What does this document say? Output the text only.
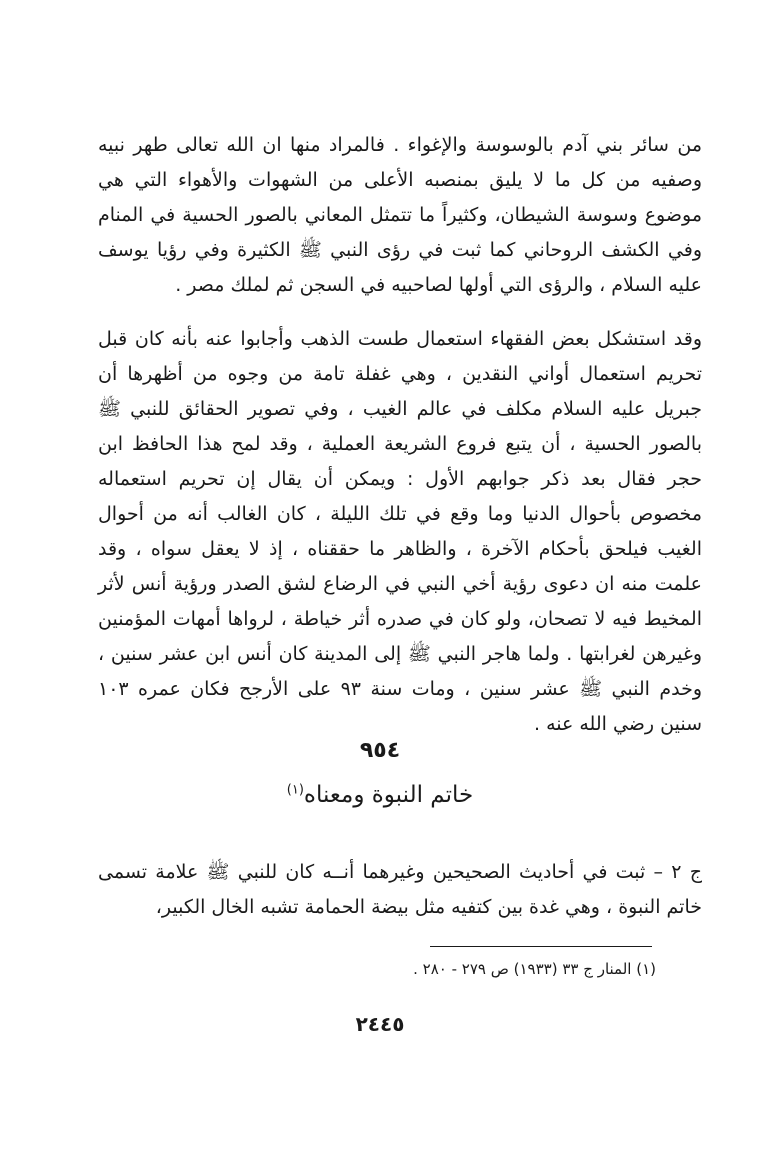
من سائر بني آدم بالوسوسة والإغواء . فالمراد منها ان الله تعالى طهر نبيه وصفيه من كل ما لا يليق بمنصبه الأعلى من الشهوات والأهواء التي هي موضوع وسوسة الشيطان، وكثيراً ما تتمثل المعاني بالصور الحسية في المنام وفي الكشف الروحاني كما ثبت في رؤى النبي ﷺ الكثيرة وفي رؤيا يوسف عليه السلام ، والرؤى التي أولها لصاحبيه في السجن ثم لملك مصر .

وقد استشكل بعض الفقهاء استعمال طست الذهب وأجابوا عنه بأنه كان قبل تحريم استعمال أواني النقدين ، وهي غفلة تامة من وجوه من أظهرها أن جبريل عليه السلام مكلف في عالم الغيب ، وفي تصوير الحقائق للنبي ﷺ بالصور الحسية ، أن يتبع فروع الشريعة العملية ، وقد لمح هذا الحافظ ابن حجر فقال بعد ذكر جوابهم الأول : ويمكن أن يقال إن تحريم استعماله مخصوص بأحوال الدنيا وما وقع في تلك الليلة ، كان الغالب أنه من أحوال الغيب فيلحق بأحكام الآخرة ، والظاهر ما حققناه ، إذ لا يعقل سواه ، وقد علمت منه ان دعوى رؤية أخي النبي في الرضاع لشق الصدر ورؤية أنس لأثر المخيط فيه لا تصحان، ولو كان في صدره أثر خياطة ، لرواها أمهات المؤمنين وغيرهن لغرابتها . ولما هاجر النبي ﷺ إلى المدينة كان أنس ابن عشر سنين ، وخدم النبي ﷺ عشر سنين ، ومات سنة ٩٣ على الأرجح فكان عمره ١٠٣ سنين رضي الله عنه .

٩٥٤
خاتم النبوة ومعناه$^{(١)}$

ج ٢ – ثبت في أحاديث الصحيحين وغيرهما أنــه كان للنبي ﷺ علامة تسمى خاتم النبوة ، وهي غدة بين كتفيه مثل بيضة الحمامة تشبه الخال الكبير،

(١) المنار ج ٣٣ (١٩٣٣) ص ٢٧٩ - ٢٨٠ .
٢٤٤٥
